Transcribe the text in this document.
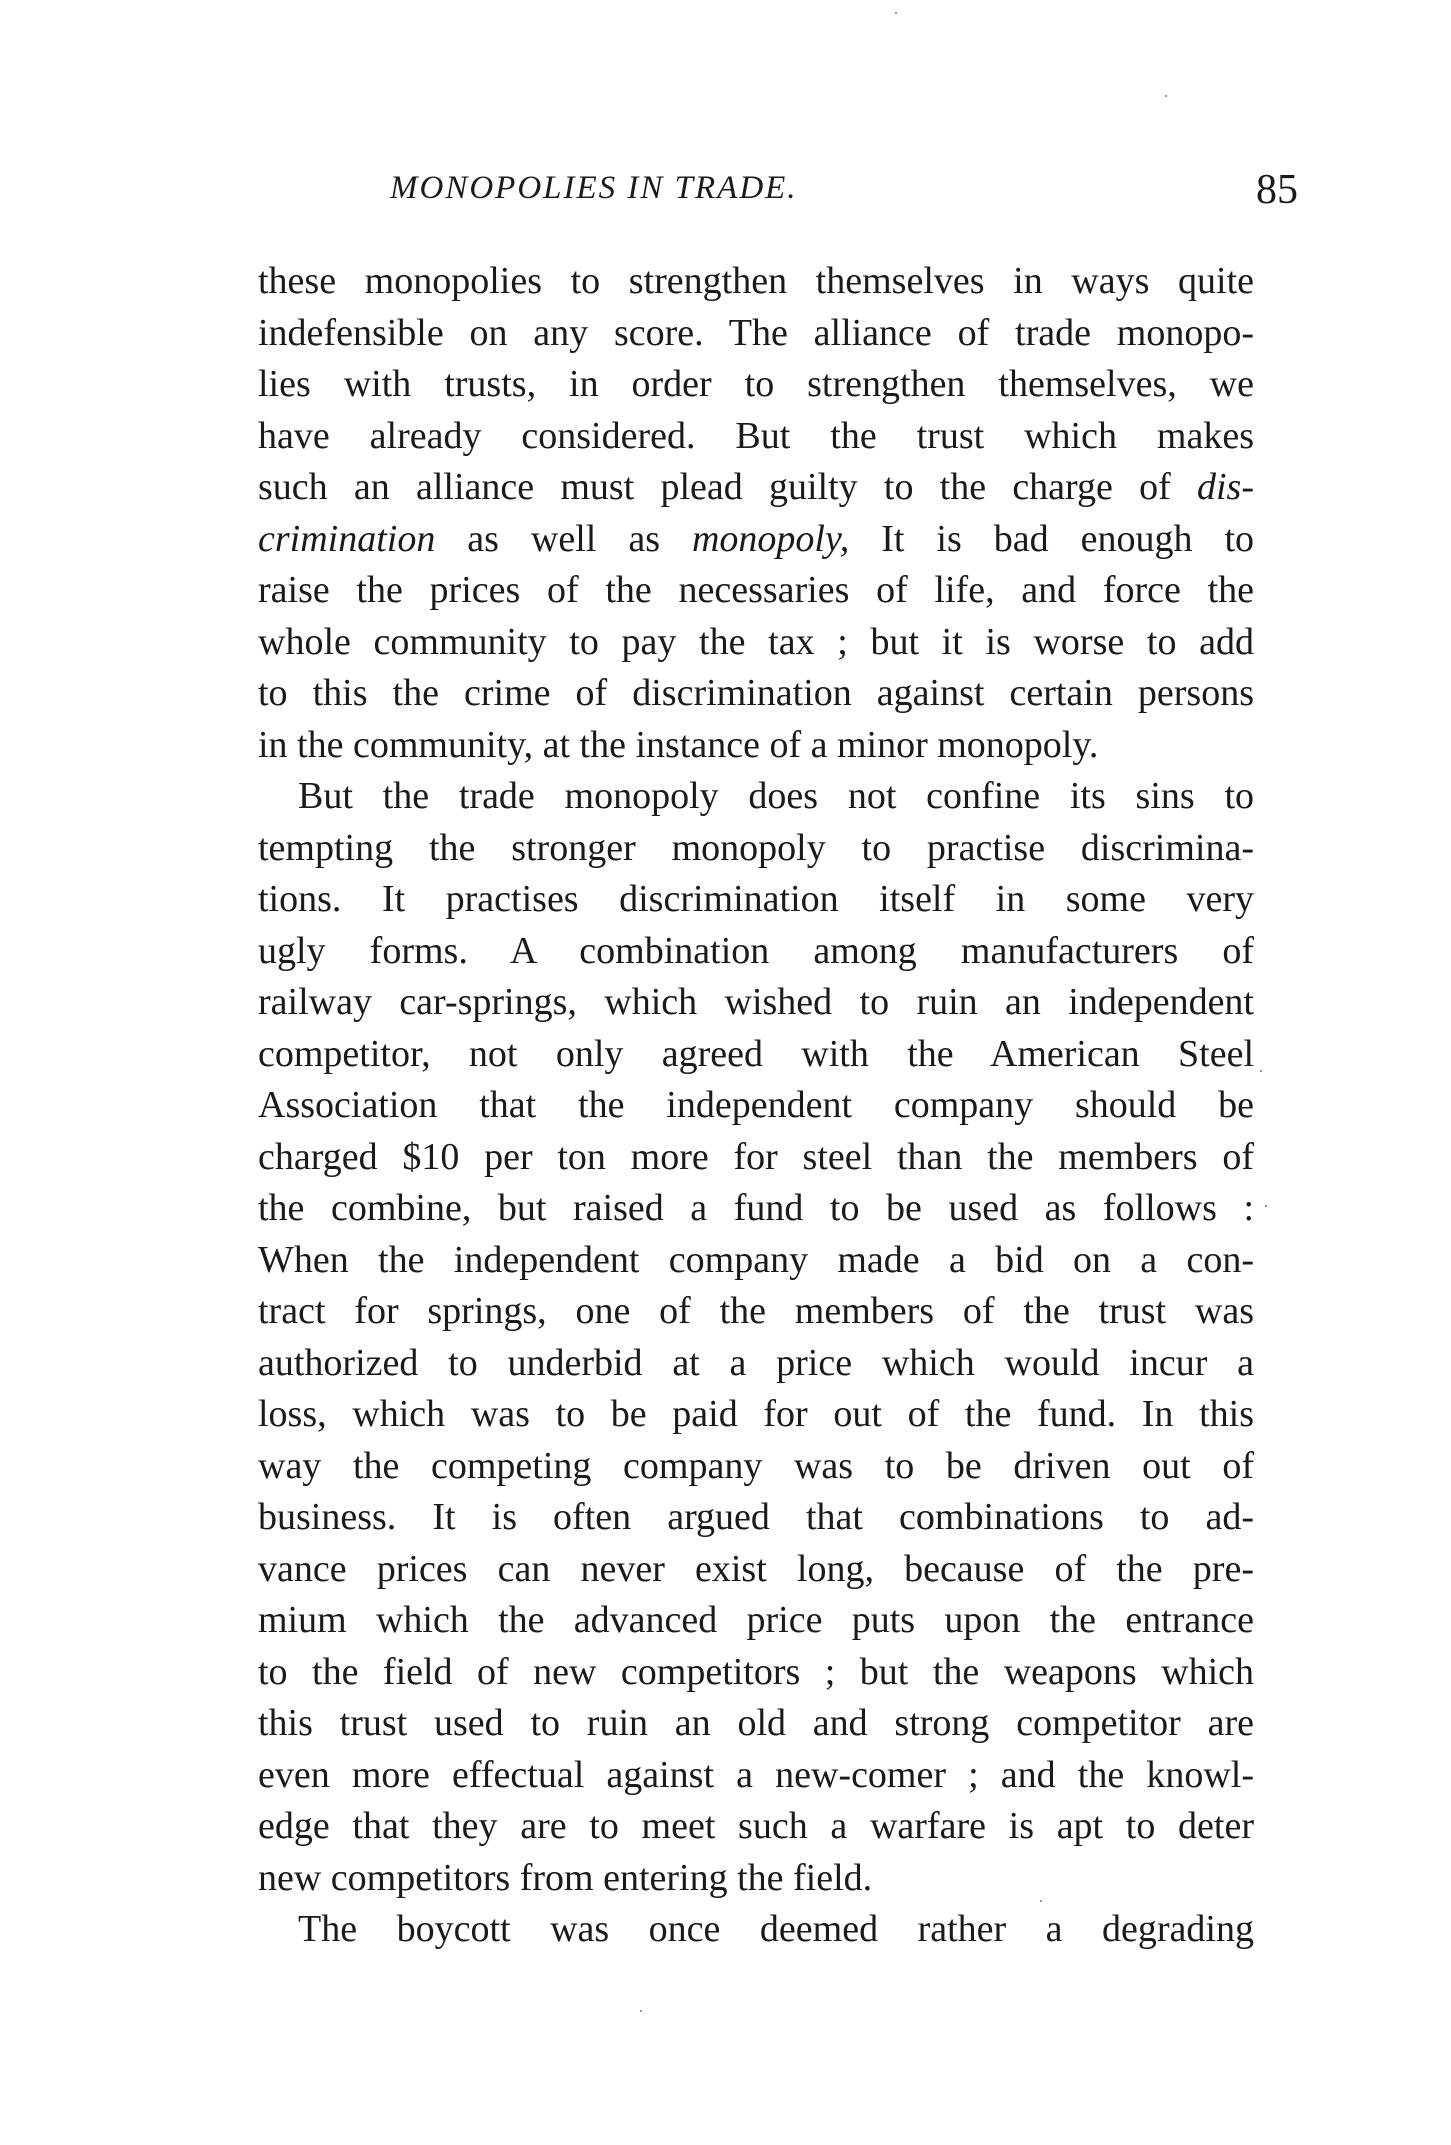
MONOPOLIES IN TRADE.	85
these monopolies to strengthen themselves in ways quite
indefensible on any score. The alliance of trade monopo-
lies with trusts, in order to strengthen themselves, we
have already considered. But the trust which makes
such an alliance must plead guilty to the charge of dis-
crimination as well as monopoly, It is bad enough to
raise the prices of the necessaries of life, and force the
whole community to pay the tax ; but it is worse to add
to this the crime of discrimination against certain persons
in the community, at the instance of a minor monopoly.
But the trade monopoly does not confine its sins to
tempting the stronger monopoly to practise discrimina-
tions. It practises discrimination itself in some very
ugly forms. A combination among manufacturers of
railway car-springs, which wished to ruin an independent
competitor, not only agreed with the American Steel
Association that the independent company should be
charged $10 per ton more for steel than the members of
the combine, but raised a fund to be used as follows :
When the independent company made a bid on a con-
tract for springs, one of the members of the trust was
authorized to underbid at a price which would incur a
loss, which was to be paid for out of the fund. In this
way the competing company was to be driven out of
business. It is often argued that combinations to ad-
vance prices can never exist long, because of the pre-
mium which the advanced price puts upon the entrance
to the field of new competitors ; but the weapons which
this trust used to ruin an old and strong competitor are
even more effectual against a new-comer ; and the knowl-
edge that they are to meet such a warfare is apt to deter
new competitors from entering the field.
The boycott was once deemed rather a degrading
